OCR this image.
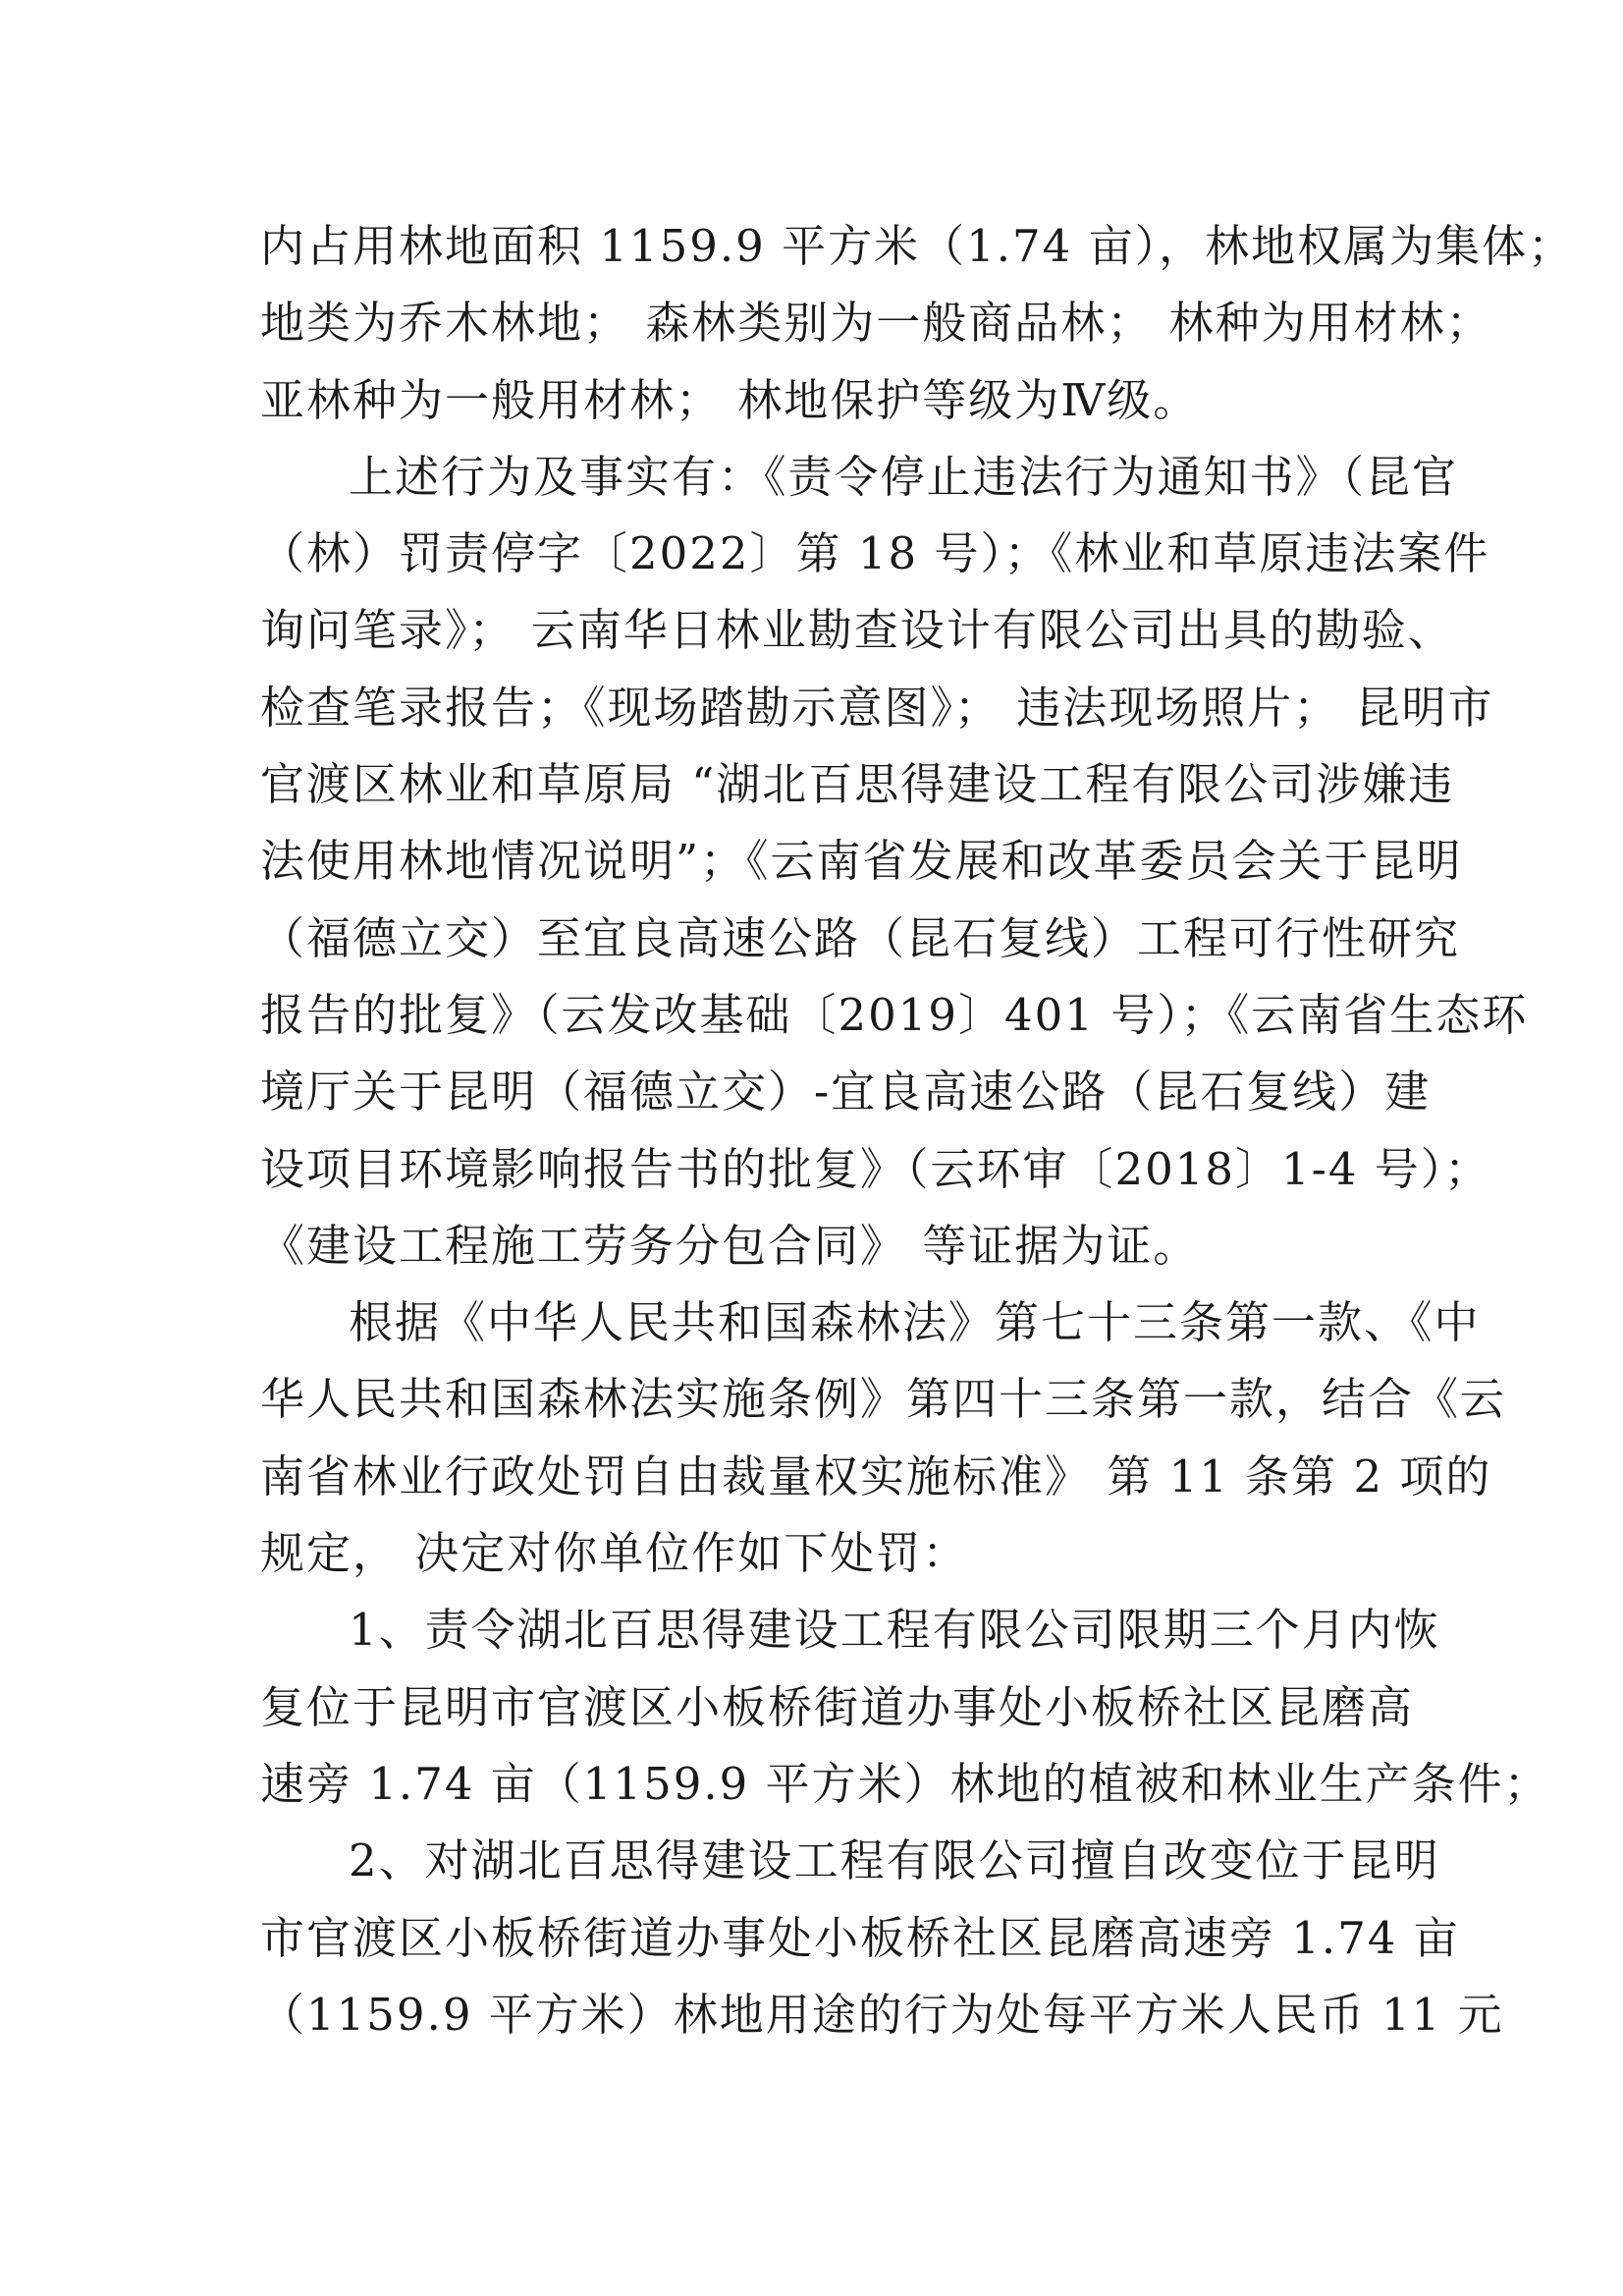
内占用林地面积 1159.9 平方米（1.74 亩），林地权属为集体；
地类为乔木林地； 森林类别为一般商品林； 林种为用材林；
亚林种为一般用材林； 林地保护等级为Ⅳ级。
上述行为及事实有：《责令停止违法行为通知书》（昆官
（林）罚责停字〔2022〕第 18 号）；《林业和草原违法案件
询问笔录》； 云南华日林业勘查设计有限公司出具的勘验、
检查笔录报告；《现场踏勘示意图》； 违法现场照片； 昆明市
官渡区林业和草原局 “湖北百思得建设工程有限公司涉嫌违
法使用林地情况说明”；《云南省发展和改革委员会关于昆明
（福德立交）至宜良高速公路（昆石复线）工程可行性研究
报告的批复》（云发改基础〔2019〕401 号）；《云南省生态环
境厅关于昆明（福德立交）-宜良高速公路（昆石复线）建
设项目环境影响报告书的批复》（云环审〔2018〕1-4 号）；
《建设工程施工劳务分包合同》 等证据为证。
根据《中华人民共和国森林法》第七十三条第一款、《中
华人民共和国森林法实施条例》第四十三条第一款，结合《云
南省林业行政处罚自由裁量权实施标准》 第 11 条第 2 项的
规定， 决定对你单位作如下处罚：
1、责令湖北百思得建设工程有限公司限期三个月内恢
复位于昆明市官渡区小板桥街道办事处小板桥社区昆磨高
速旁 1.74 亩（1159.9 平方米）林地的植被和林业生产条件；
2、对湖北百思得建设工程有限公司擅自改变位于昆明
市官渡区小板桥街道办事处小板桥社区昆磨高速旁 1.74 亩
（1159.9 平方米）林地用途的行为处每平方米人民币 11 元
